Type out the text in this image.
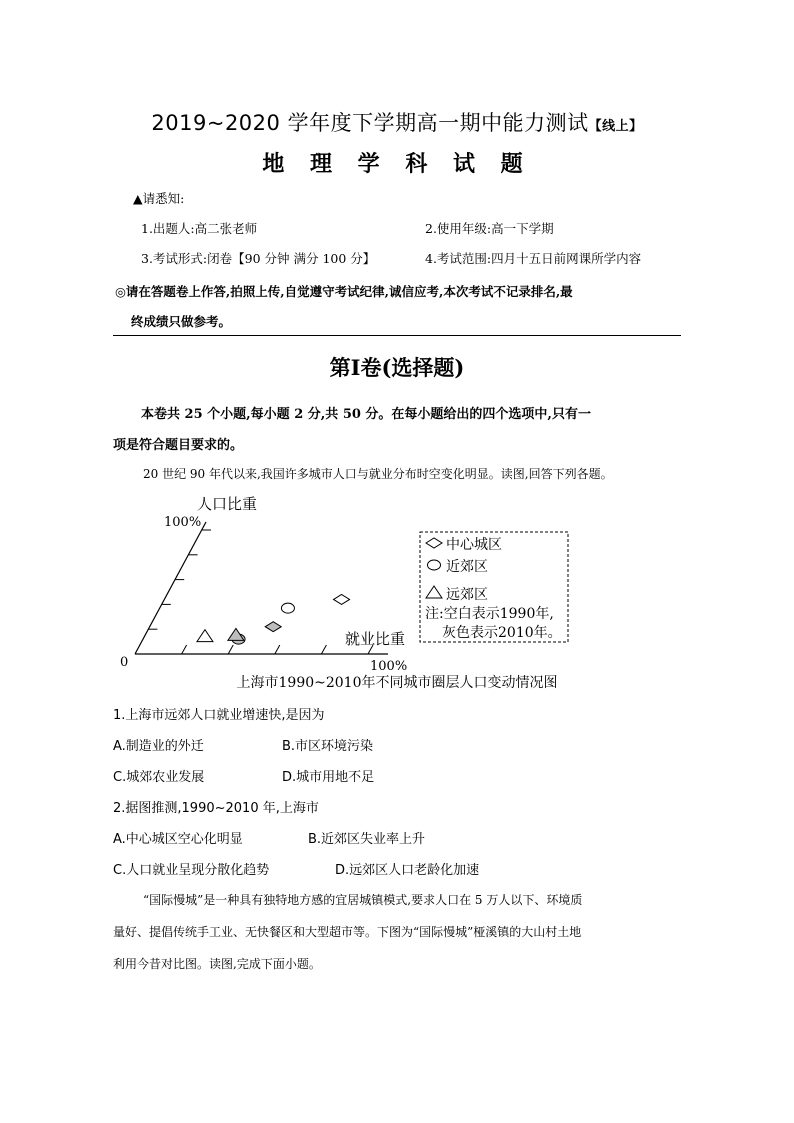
2019~2020 学年度下学期高一期中能力测试【线上】
地 理 学 科 试 题
▲请悉知:
1.出题人:高二张老师	2.使用年级:高一下学期
3.考试形式:闭卷【90 分钟 满分 100 分】	4.考试范围:四月十五日前网课所学内容
◎请在答题卷上作答,拍照上传,自觉遵守考试纪律,诚信应考,本次考试不记录排名,最
终成绩只做参考。
第Ⅰ卷(选择题)
本卷共 25 个小题,每小题 2 分,共 50 分。在每小题给出的四个选项中,只有一
项是符合题目要求的。
20 世纪 90 年代以来,我国许多城市人口与就业分布时空变化明显。读图,回答下列各题。
人口比重
100%
就业比重
100%
0
中心城区
近郊区
远郊区
注:空白表示1990年,
灰色表示2010年。
上海市1990~2010年不同城市圈层人口变动情况图
1.上海市远郊人口就业增速快,是因为
A.制造业的外迁	B.市区环境污染
C.城郊农业发展	D.城市用地不足
2.据图推测,1990~2010 年,上海市
A.中心城区空心化明显	B.近郊区失业率上升
C.人口就业呈现分散化趋势	D.远郊区人口老龄化加速
“国际慢城”是一种具有独特地方感的宜居城镇模式,要求人口在 5 万人以下、环境质
量好、提倡传统手工业、无快餐区和大型超市等。下图为“国际慢城”桠溪镇的大山村土地
利用今昔对比图。读图,完成下面小题。
